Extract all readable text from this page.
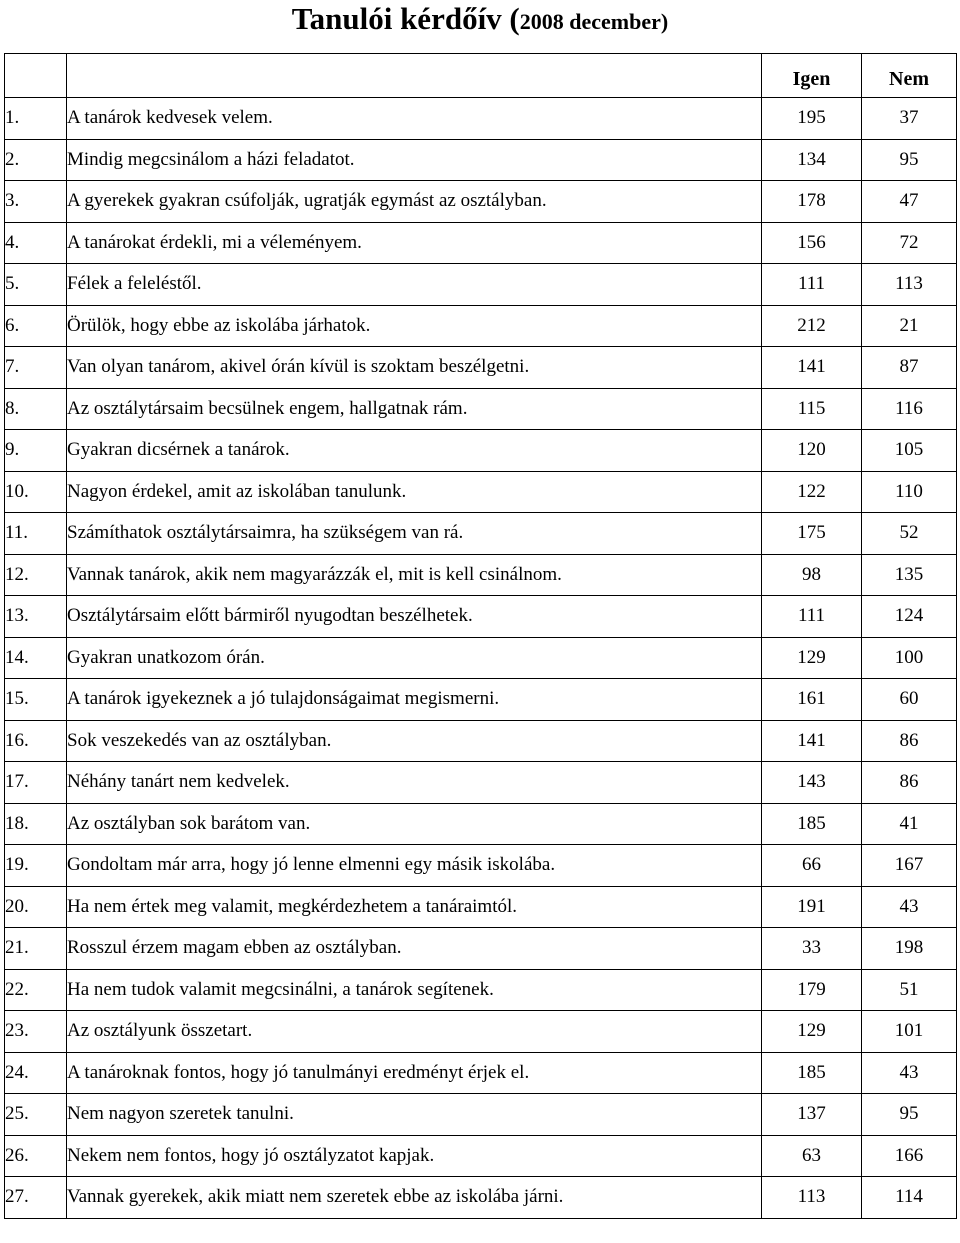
Tanulói kérdőív (2008 december)
		Igen	Nem
1.	A tanárok kedvesek velem.	195	37
2.	Mindig megcsinálom a házi feladatot.	134	95
3.	A gyerekek gyakran csúfolják, ugratják egymást az osztályban.	178	47
4.	A tanárokat érdekli, mi a véleményem.	156	72
5.	Félek a feleléstől.	111	113
6.	Örülök, hogy ebbe az iskolába járhatok.	212	21
7.	Van olyan tanárom, akivel órán kívül is szoktam beszélgetni.	141	87
8.	Az osztálytársaim becsülnek engem, hallgatnak rám.	115	116
9.	Gyakran dicsérnek a tanárok.	120	105
10.	Nagyon érdekel, amit az iskolában tanulunk.	122	110
11.	Számíthatok osztálytársaimra, ha szükségem van rá.	175	52
12.	Vannak tanárok, akik nem magyarázzák el, mit is kell csinálnom.	98	135
13.	Osztálytársaim előtt bármiről nyugodtan beszélhetek.	111	124
14.	Gyakran unatkozom órán.	129	100
15.	A tanárok igyekeznek a jó tulajdonságaimat megismerni.	161	60
16.	Sok veszekedés van az osztályban.	141	86
17.	Néhány tanárt nem kedvelek.	143	86
18.	Az osztályban sok barátom van.	185	41
19.	Gondoltam már arra, hogy jó lenne elmenni egy másik iskolába.	66	167
20.	Ha nem értek meg valamit, megkérdezhetem a tanáraimtól.	191	43
21.	Rosszul érzem magam ebben az osztályban.	33	198
22.	Ha nem tudok valamit megcsinálni, a tanárok segítenek.	179	51
23.	Az osztályunk összetart.	129	101
24.	A tanároknak fontos, hogy jó tanulmányi eredményt érjek el.	185	43
25.	Nem nagyon szeretek tanulni.	137	95
26.	Nekem nem fontos, hogy jó osztályzatot kapjak.	63	166
27.	Vannak gyerekek, akik miatt nem szeretek ebbe az iskolába járni.	113	114
